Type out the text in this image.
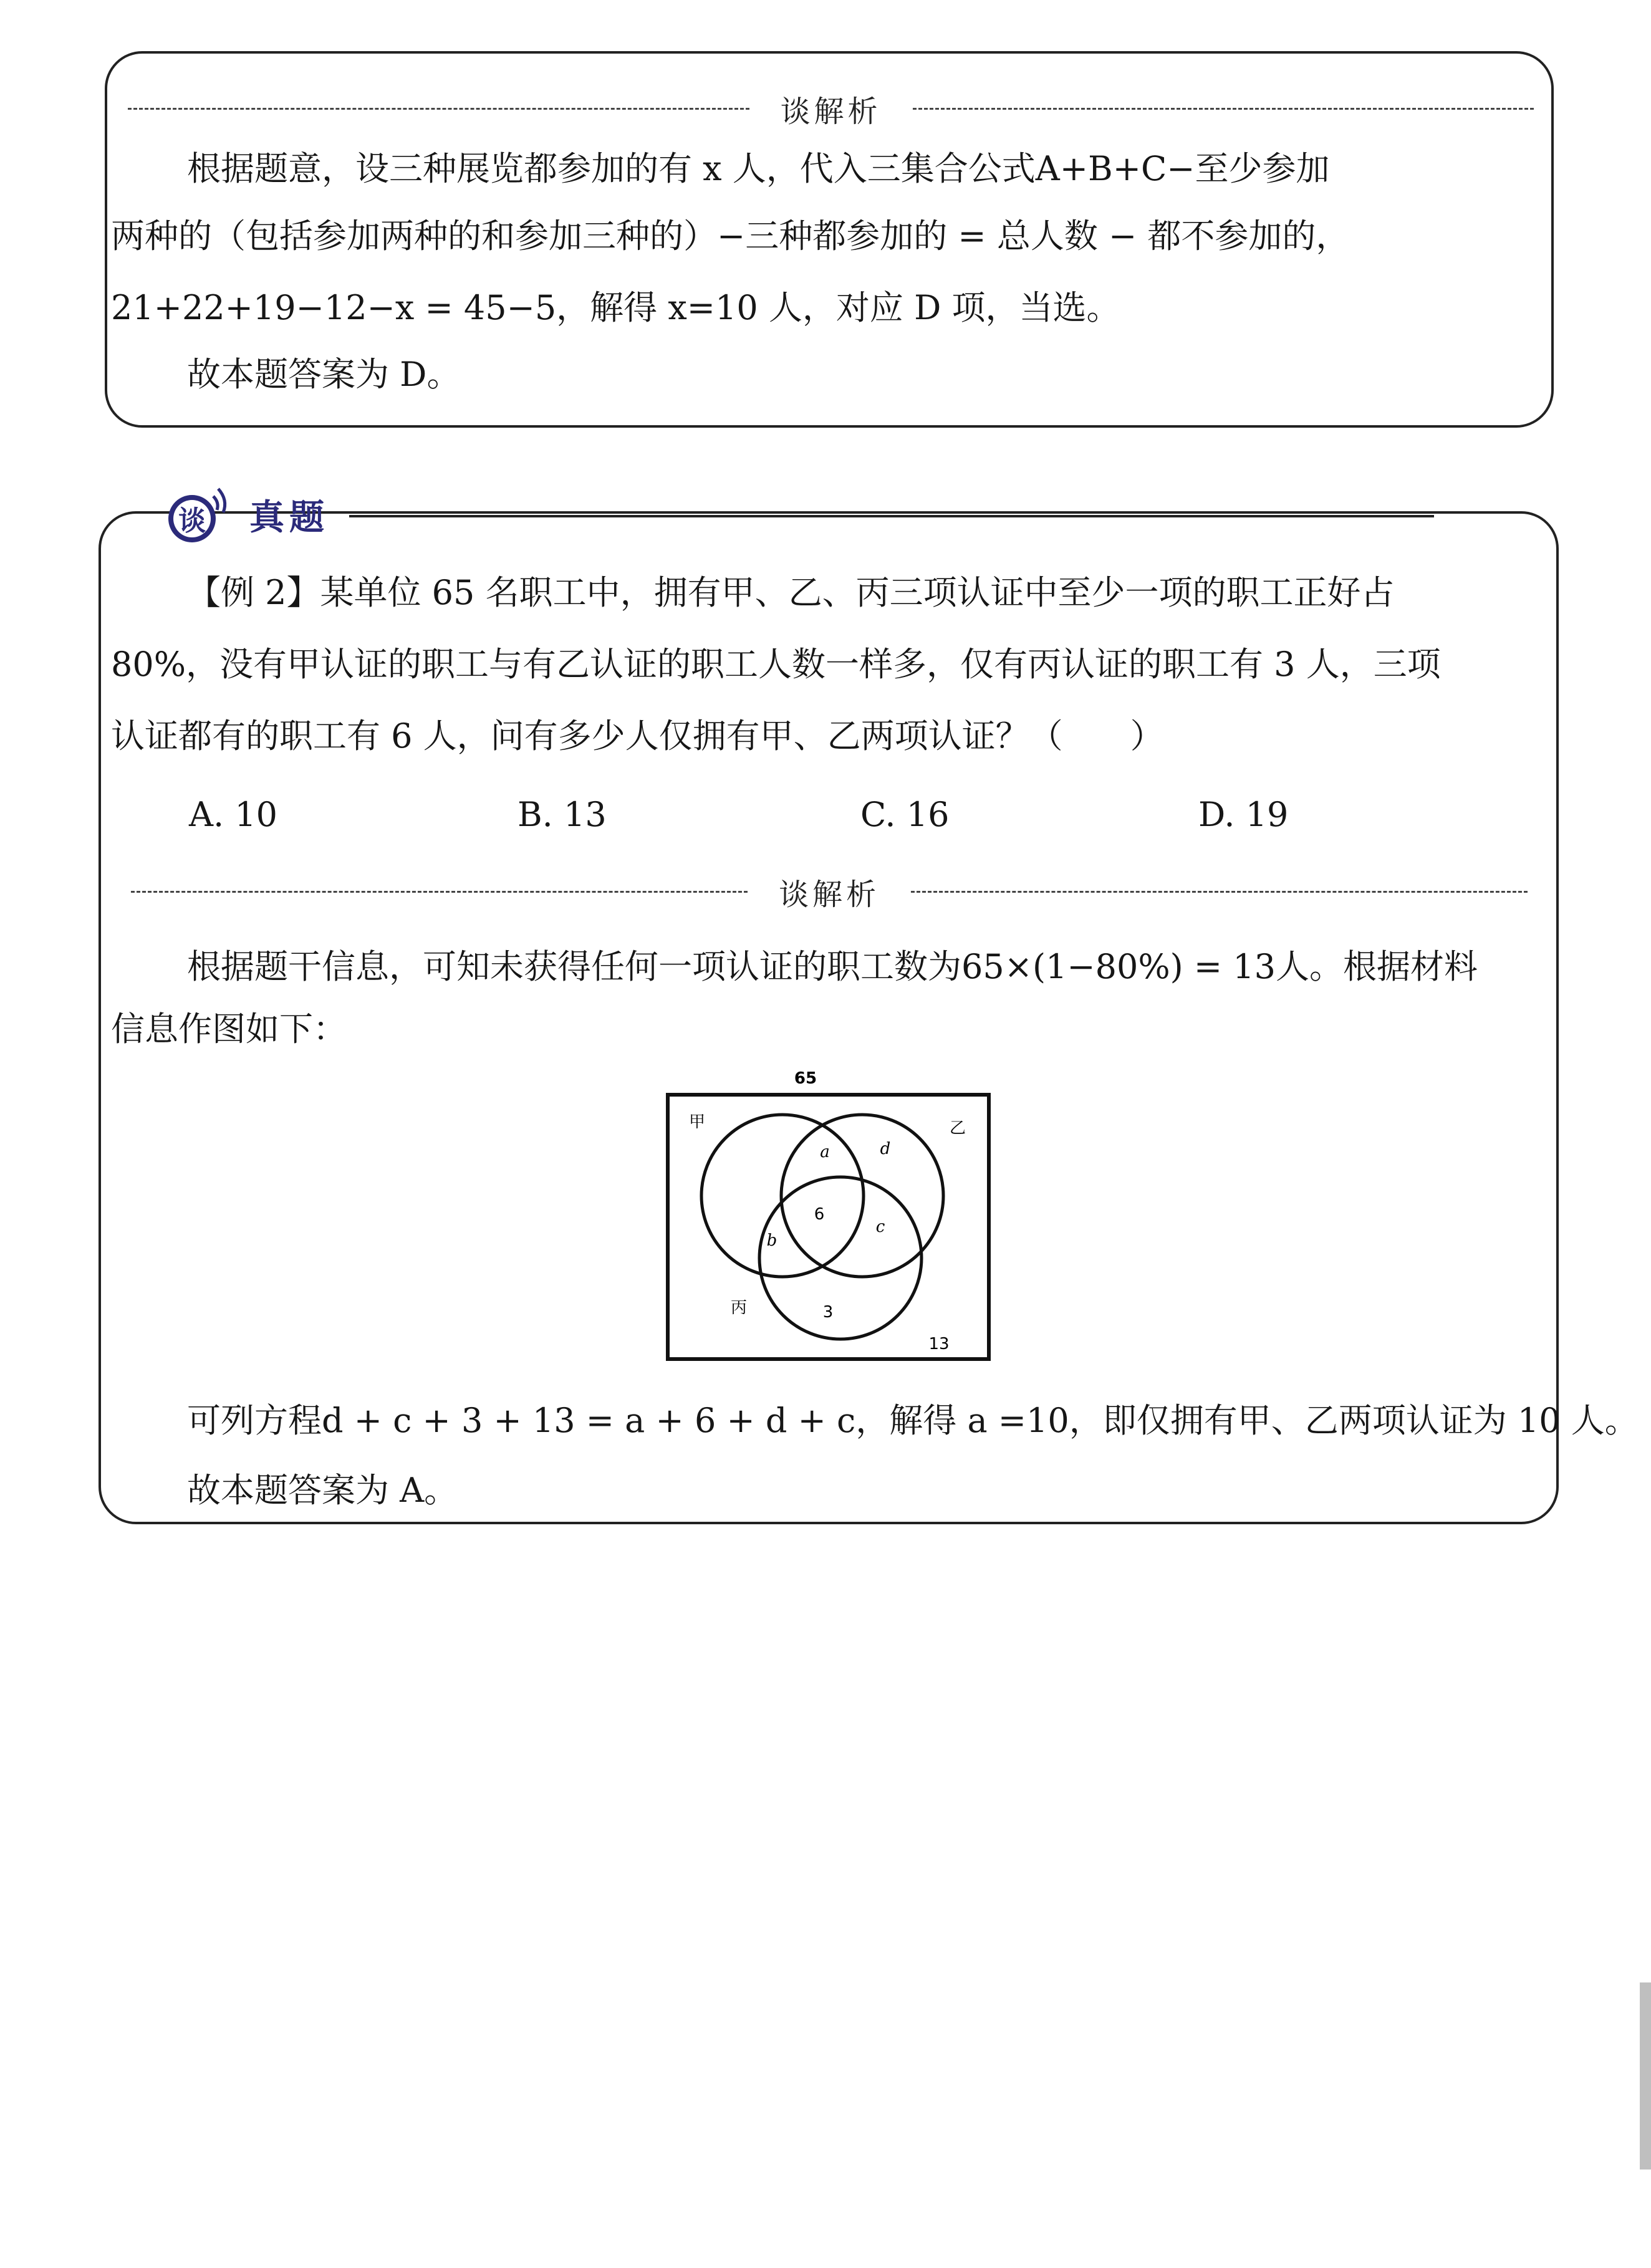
谈解析
根据题意，设三种展览都参加的有 x 人，代入三集合公式A+B+C−至少参加
两种的（包括参加两种的和参加三种的）−三种都参加的 = 总人数 − 都不参加的，
21+22+19−12−x = 45−5，解得 x=10 人，对应 D 项，当选。
故本题答案为 D。
谈 真题
【例 2】某单位 65 名职工中，拥有甲、乙、丙三项认证中至少一项的职工正好占
80%，没有甲认证的职工与有乙认证的职工人数一样多，仅有丙认证的职工有 3 人，三项
认证都有的职工有 6 人，问有多少人仅拥有甲、乙两项认证？（　　）
A. 10	B. 13	C. 16	D. 19
谈解析
根据题干信息，可知未获得任何一项认证的职工数为65×(1−80%) = 13人。根据材料
信息作图如下：
65
甲	乙
丙
a	d
6
b
c
3
13
可列方程d + c + 3 + 13 = a + 6 + d + c，解得 a =10，即仅拥有甲、乙两项认证为 10 人。
故本题答案为 A。
